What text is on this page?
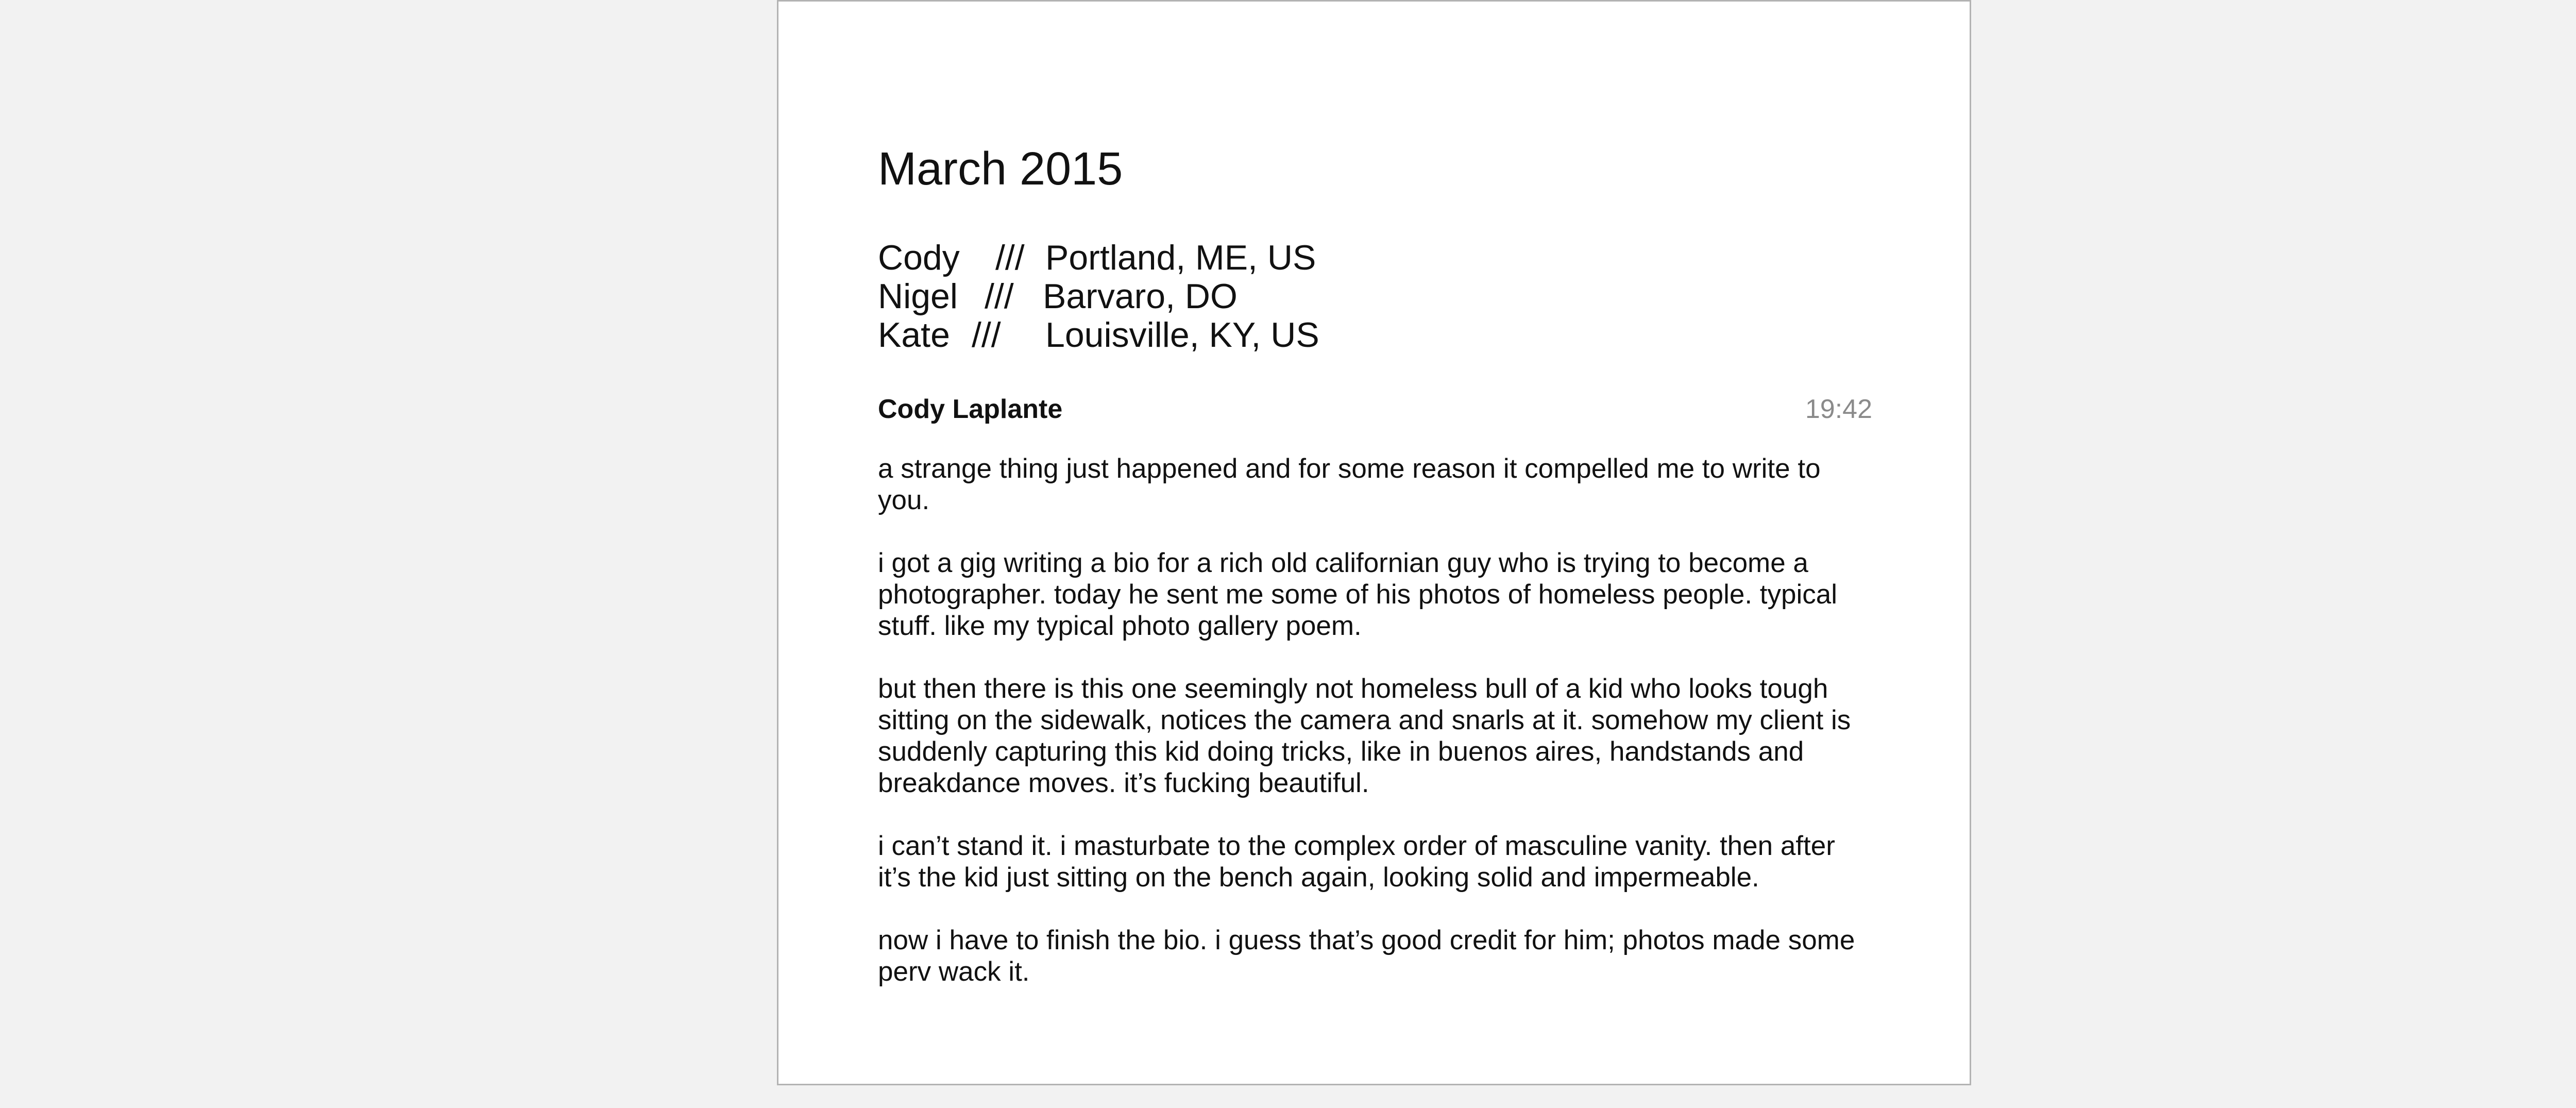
March 2015
Cody /// Portland, ME, US
Nigel /// Barvaro, DO
Kate /// Louisville, KY, US
Cody Laplante	19:42

a strange thing just happened and for some reason it compelled me to write to you.

i got a gig writing a bio for a rich old californian guy who is trying to become a photographer. today he sent me some of his photos of homeless people. typical stuff. like my typical photo gallery poem.

but then there is this one seemingly not homeless bull of a kid who looks tough sitting on the sidewalk, notices the camera and snarls at it. somehow my client is suddenly capturing this kid doing tricks, like in buenos aires, handstands and breakdance moves. it’s fucking beautiful.

i can’t stand it. i masturbate to the complex order of masculine vanity. then after it’s the kid just sitting on the bench again, looking solid and impermeable.

now i have to finish the bio. i guess that’s good credit for him; photos made some perv wack it.
